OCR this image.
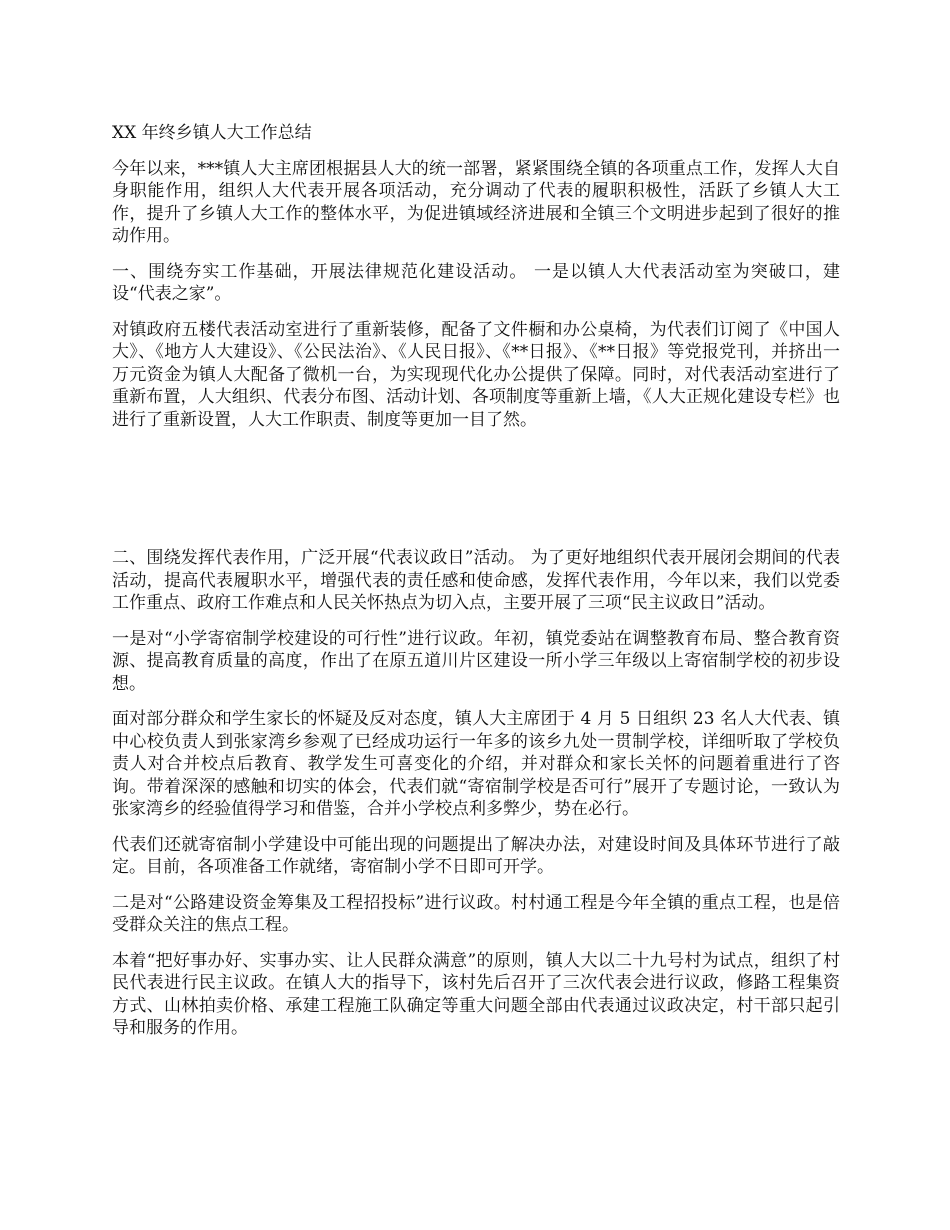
XX 年终乡镇人大工作总结

今年以来，***镇人大主席团根据县人大的统一部署，紧紧围绕全镇的各项重点工作，发挥人大自身职能作用，组织人大代表开展各项活动，充分调动了代表的履职积极性，活跃了乡镇人大工作，提升了乡镇人大工作的整体水平，为促进镇域经济进展和全镇三个文明进步起到了很好的推动作用。

一、围绕夯实工作基础，开展法律规范化建设活动。 一是以镇人大代表活动室为突破口，建设“代表之家”。

对镇政府五楼代表活动室进行了重新装修，配备了文件橱和办公桌椅，为代表们订阅了《中国人大》、《地方人大建设》、《公民法治》、《人民日报》、《**日报》、《**日报》等党报党刊，并挤出一万元资金为镇人大配备了微机一台，为实现现代化办公提供了保障。同时，对代表活动室进行了重新布置，人大组织、代表分布图、活动计划、各项制度等重新上墙，《人大正规化建设专栏》也进行了重新设置，人大工作职责、制度等更加一目了然。

二、围绕发挥代表作用，广泛开展“代表议政日”活动。 为了更好地组织代表开展闭会期间的代表活动，提高代表履职水平，增强代表的责任感和使命感，发挥代表作用，今年以来，我们以党委工作重点、政府工作难点和人民关怀热点为切入点，主要开展了三项“民主议政日”活动。

一是对“小学寄宿制学校建设的可行性”进行议政。年初，镇党委站在调整教育布局、整合教育资源、提高教育质量的高度，作出了在原五道川片区建设一所小学三年级以上寄宿制学校的初步设想。

面对部分群众和学生家长的怀疑及反对态度，镇人大主席团于 4 月 5 日组织 23 名人大代表、镇中心校负责人到张家湾乡参观了已经成功运行一年多的该乡九处一贯制学校，详细听取了学校负责人对合并校点后教育、教学发生可喜变化的介绍，并对群众和家长关怀的问题着重进行了咨询。带着深深的感触和切实的体会，代表们就“寄宿制学校是否可行”展开了专题讨论，一致认为张家湾乡的经验值得学习和借鉴，合并小学校点利多弊少，势在必行。

代表们还就寄宿制小学建设中可能出现的问题提出了解决办法，对建设时间及具体环节进行了敲定。目前，各项准备工作就绪，寄宿制小学不日即可开学。

二是对“公路建设资金筹集及工程招投标”进行议政。村村通工程是今年全镇的重点工程，也是倍受群众关注的焦点工程。

本着“把好事办好、实事办实、让人民群众满意”的原则，镇人大以二十九号村为试点，组织了村民代表进行民主议政。在镇人大的指导下，该村先后召开了三次代表会进行议政，修路工程集资方式、山林拍卖价格、承建工程施工队确定等重大问题全部由代表通过议政决定，村干部只起引导和服务的作用。
